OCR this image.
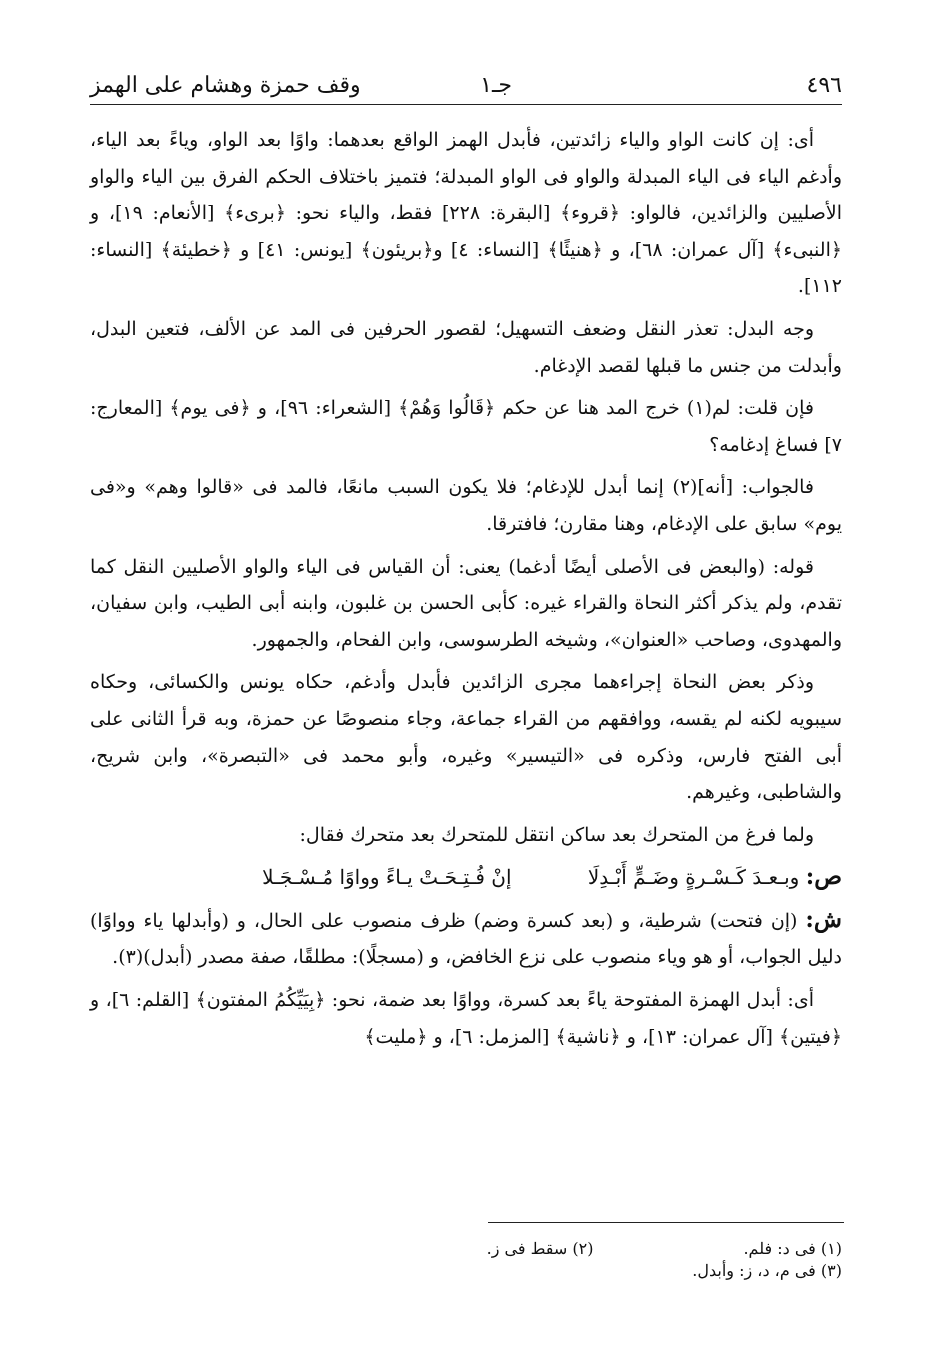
٤٩٦
جـ١
وقف حمزة وهشام على الهمز

أى: إن كانت الواو والياء زائدتين، فأبدل الهمز الواقع بعدهما: واوًا بعد الواو، وياءً بعد الياء، وأدغم الياء فى الياء المبدلة والواو فى الواو المبدلة؛ فتميز باختلاف الحكم الفرق بين الياء والواو الأصليين والزائدين، فالواو: ﴿قروء﴾ [البقرة: ٢٢٨] فقط، والياء نحو: ﴿برىء﴾ [الأنعام: ١٩]، و ﴿النبىء﴾ [آل عمران: ٦٨]، و ﴿هنيئًا﴾ [النساء: ٤] و﴿بريئون﴾ [يونس: ٤١] و ﴿خطيئة﴾ [النساء: ١١٢].

وجه البدل: تعذر النقل وضعف التسهيل؛ لقصور الحرفين فى المد عن الألف، فتعين البدل، وأبدلت من جنس ما قبلها لقصد الإدغام.

فإن قلت: لم(١) خرج المد هنا عن حكم ﴿قَالُوا وَهُمْ﴾ [الشعراء: ٩٦]، و ﴿فى يوم﴾ [المعارج: ٧] فساغ إدغامه؟

فالجواب: [أنه](٢) إنما أبدل للإدغام؛ فلا يكون السبب مانعًا، فالمد فى «قالوا وهم» و«فى يوم» سابق على الإدغام، وهنا مقارن؛ فافترقا.

قوله: (والبعض فى الأصلى أيضًا أدغما) يعنى: أن القياس فى الياء والواو الأصليين النقل كما تقدم، ولم يذكر أكثر النحاة والقراء غيره: كأبى الحسن بن غلبون، وابنه أبى الطيب، وابن سفيان، والمهدوى، وصاحب «العنوان»، وشيخه الطرسوسى، وابن الفحام، والجمهور.

وذكر بعض النحاة إجراءهما مجرى الزائدين فأبدل وأدغم، حكاه يونس والكسائى، وحكاه سيبويه لكنه لم يقسه، ووافقهم من القراء جماعة، وجاء منصوصًا عن حمزة، وبه قرأ الثانى على أبى الفتح فارس، وذكره فى «التيسير» وغيره، وأبو محمد فى «التبصرة»، وابن شريح، والشاطبى، وغيرهم.

ولما فرغ من المتحرك بعد ساكن انتقل للمتحرك بعد متحرك فقال:

ص: وبـعـدَ كَـسْـرةٍ وضَـمٍّ أَبْـدِلَا إنْ فُـتِـحَـتْ يـاءً وواوًا مُـسْـجَـلا

ش: (إن فتحت) شرطية، و (بعد كسرة وضم) ظرف منصوب على الحال، و (وأبدلها ياء وواوًا) دليل الجواب، أو هو وياء منصوب على نزع الخافض، و (مسجلًا): مطلقًا، صفة مصدر (أبدل)(٣).

أى: أبدل الهمزة المفتوحة ياءً بعد كسرة، وواوًا بعد ضمة، نحو: ﴿بِيَيِّكُمُ المفتون﴾ [القلم: ٦]، و ﴿فيتين﴾ [آل عمران: ١٣]، و ﴿ناشية﴾ [المزمل: ٦]، و ﴿مليت﴾

(١) فى د: فلم.
(٢) سقط فى ز.
(٣) فى م، د، ز: وأبدل.
